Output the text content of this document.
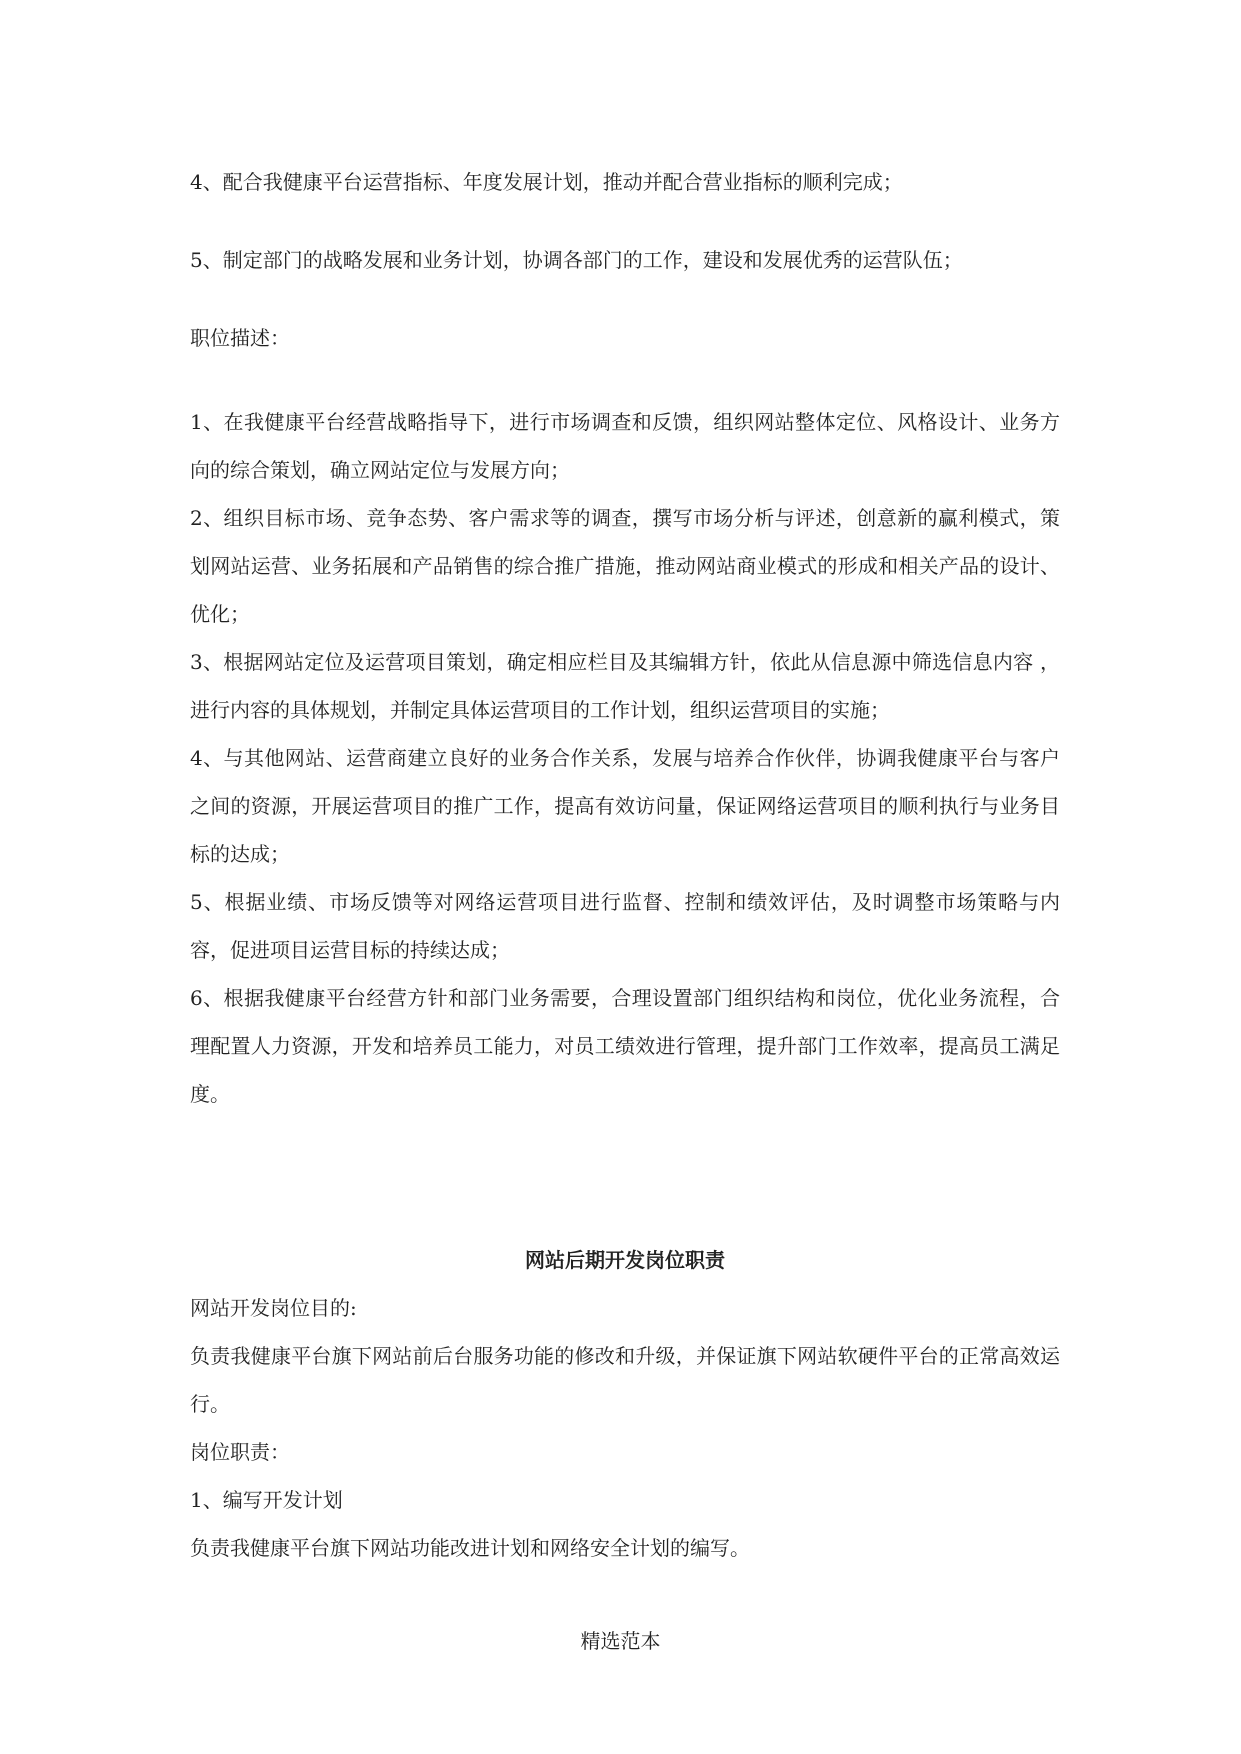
4、配合我健康平台运营指标、年度发展计划，推动并配合营业指标的顺利完成；

5、制定部门的战略发展和业务计划，协调各部门的工作，建设和发展优秀的运营队伍；

职位描述：

1、在我健康平台经营战略指导下，进行市场调查和反馈，组织网站整体定位、风格设计、业务方向的综合策划，确立网站定位与发展方向；

2、组织目标市场、竞争态势、客户需求等的调查，撰写市场分析与评述，创意新的赢利模式，策划网站运营、业务拓展和产品销售的综合推广措施，推动网站商业模式的形成和相关产品的设计、优化；

3、根据网站定位及运营项目策划，确定相应栏目及其编辑方针，依此从信息源中筛选信息内容 ，进行内容的具体规划，并制定具体运营项目的工作计划，组织运营项目的实施；

4、与其他网站、运营商建立良好的业务合作关系，发展与培养合作伙伴，协调我健康平台与客户之间的资源，开展运营项目的推广工作，提高有效访问量，保证网络运营项目的顺利执行与业务目标的达成；

5、根据业绩、市场反馈等对网络运营项目进行监督、控制和绩效评估，及时调整市场策略与内容，促进项目运营目标的持续达成；

6、根据我健康平台经营方针和部门业务需要，合理设置部门组织结构和岗位，优化业务流程，合理配置人力资源，开发和培养员工能力，对员工绩效进行管理，提升部门工作效率，提高员工满足度。

网站后期开发岗位职责

网站开发岗位目的:

负责我健康平台旗下网站前后台服务功能的修改和升级，并保证旗下网站软硬件平台的正常高效运行。

岗位职责：

1、编写开发计划

负责我健康平台旗下网站功能改进计划和网络安全计划的编写。

精选范本
